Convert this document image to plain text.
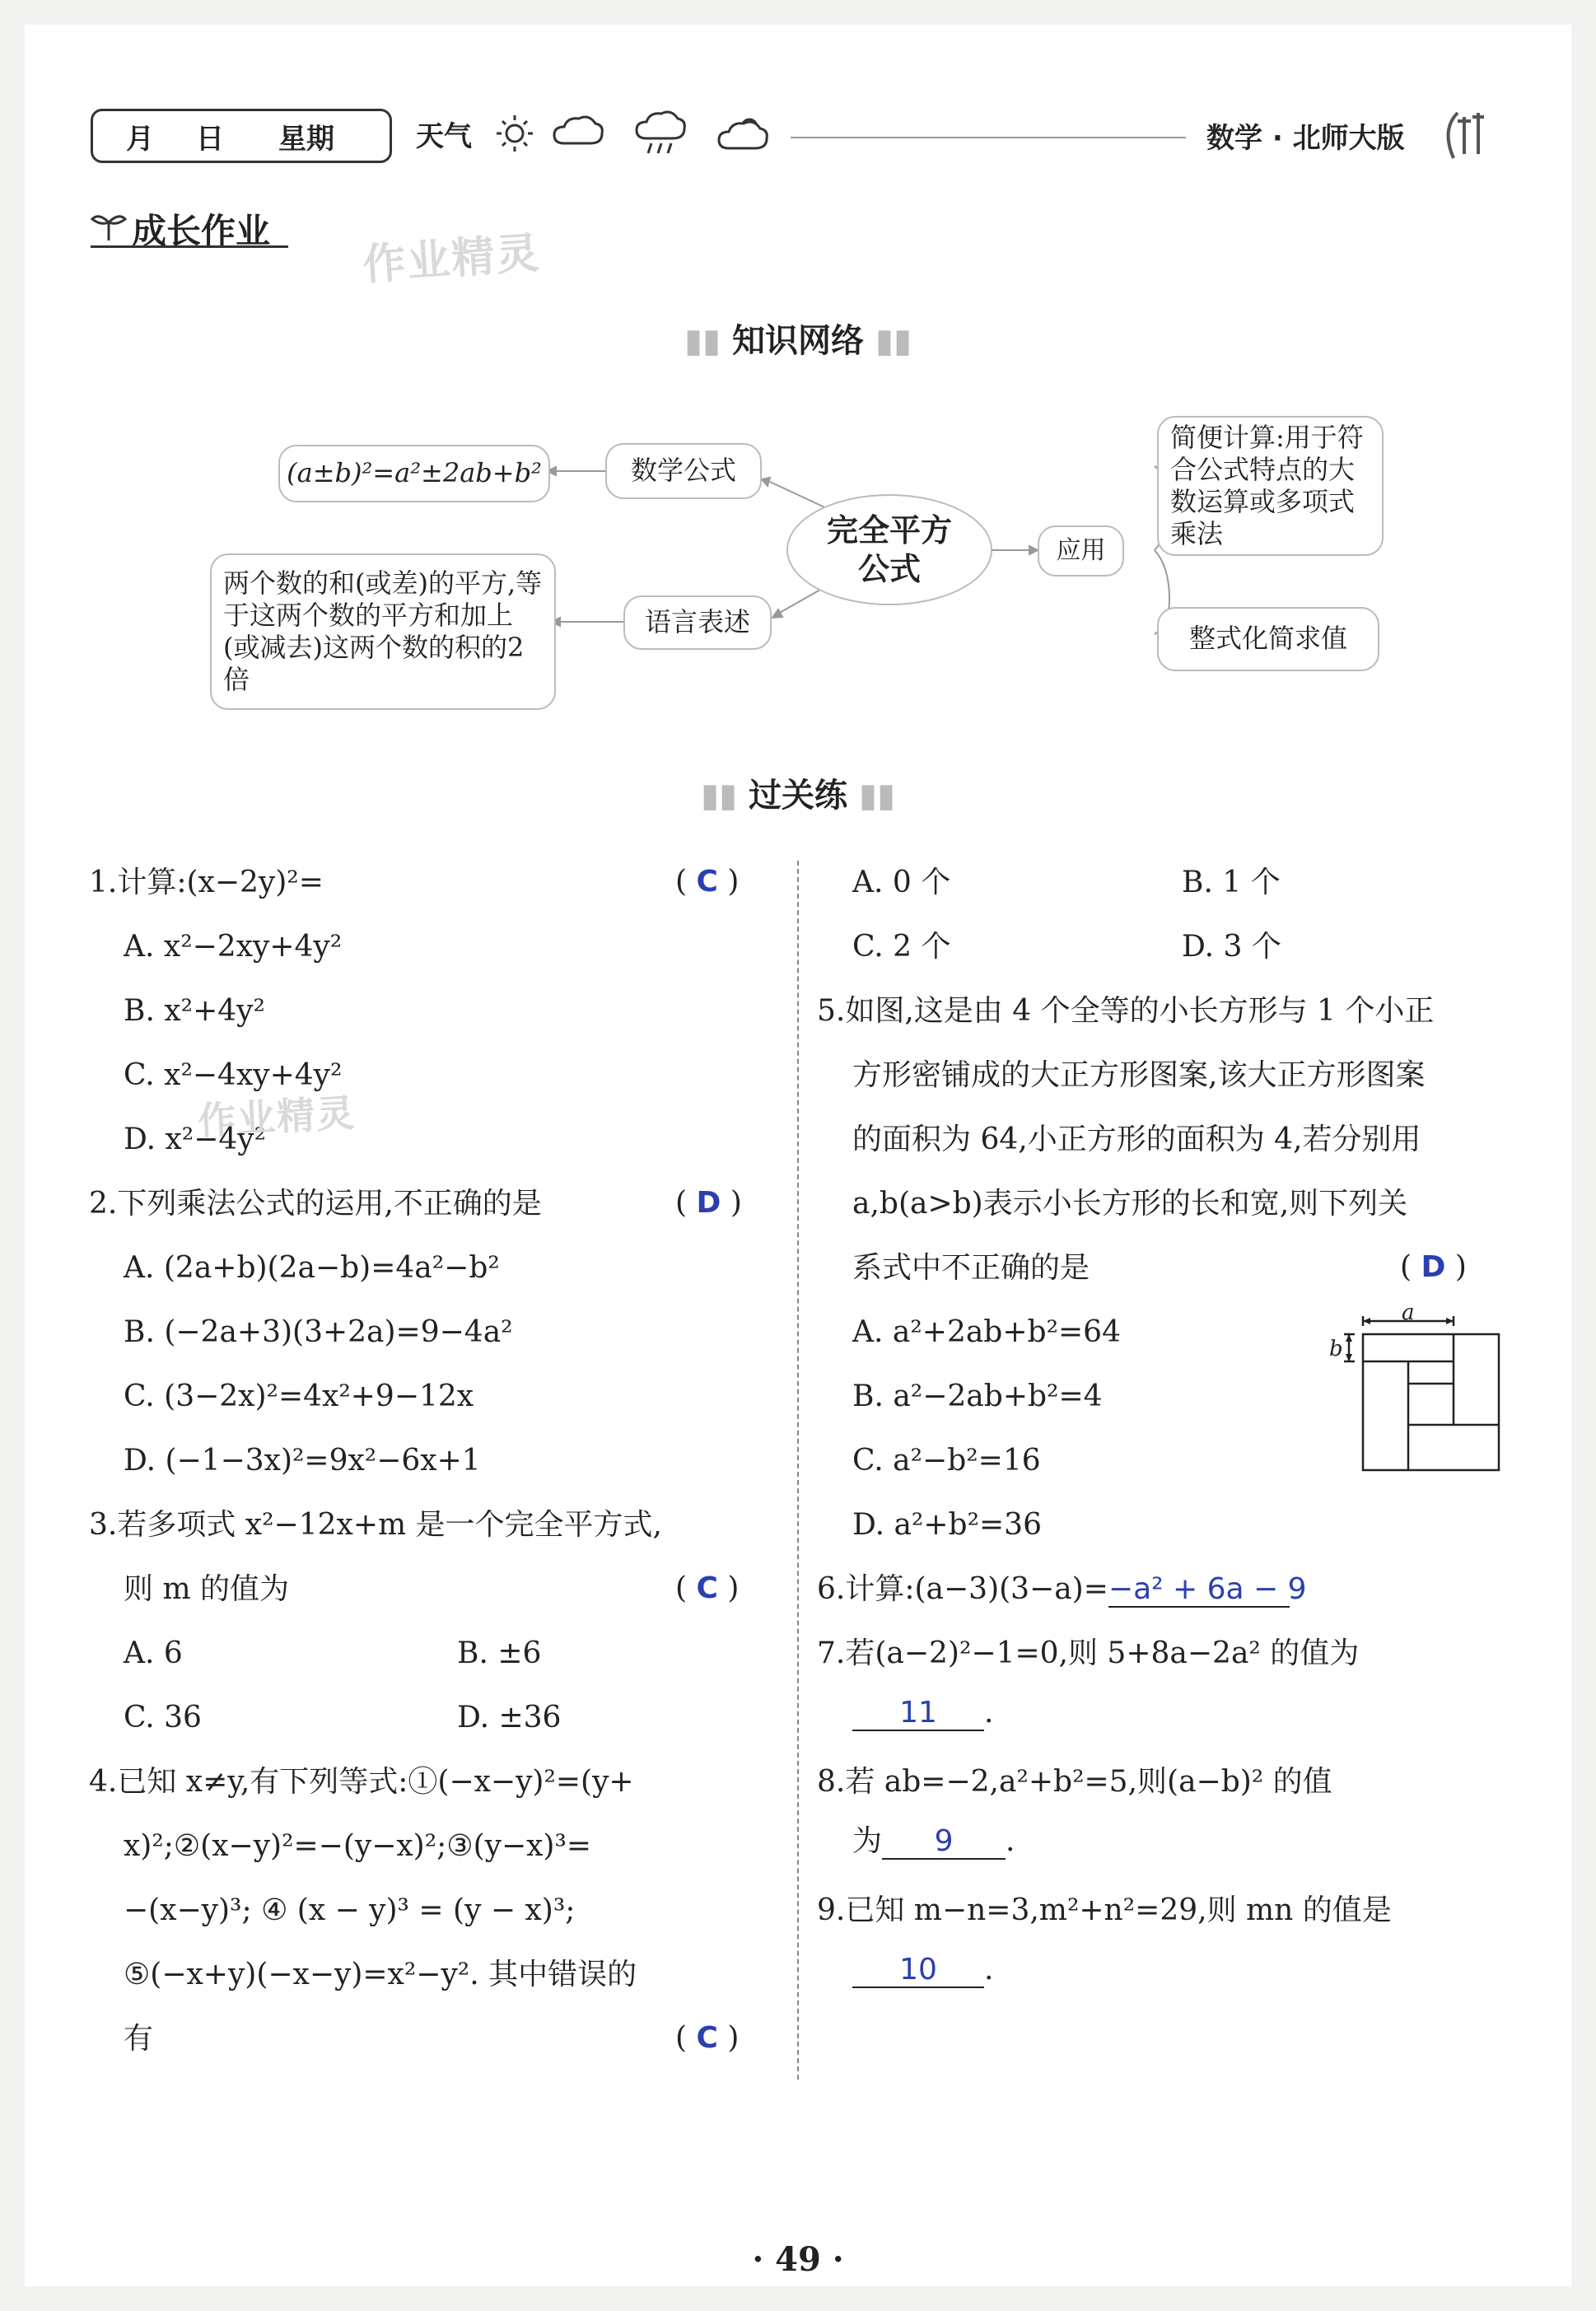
月 日 星期	天气	数学 · 北师大版
成长作业 作业精灵
▮▮ 知识网络 ▮▮
(a±b)²=a²±2ab+b²	数学公式
完全平方公式
应用
语言表述
两个数的和(或差)的平方,等于这两个数的平方和加上(或减去)这两个数的积的2倍
简便计算:用于符合公式特点的大数运算或多项式乘法
整式化简求值
▮▮ 过关练 ▮▮
1.计算:(x−2y)²=	( C )
A. x²−2xy+4y²
B. x²+4y²
C. x²−4xy+4y²
D. x²−4y²
作业精灵
2.下列乘法公式的运用,不正确的是	( D )
A. (2a+b)(2a−b)=4a²−b²
B. (−2a+3)(3+2a)=9−4a²
C. (3−2x)²=4x²+9−12x
D. (−1−3x)²=9x²−6x+1
3.若多项式 x²−12x+m 是一个完全平方式,
则 m 的值为	( C )
A. 6	B. ±6
C. 36	D. ±36
4.已知 x≠y,有下列等式:①(−x−y)²=(y+
x)²;②(x−y)²=−(y−x)²;③(y−x)³=
−(x−y)³; ④ (x − y)³ = (y − x)³;
⑤(−x+y)(−x−y)=x²−y². 其中错误的
有	( C )
A. 0 个	B. 1 个
C. 2 个	D. 3 个
5.如图,这是由 4 个全等的小长方形与 1 个小正
方形密铺成的大正方形图案,该大正方形图案
的面积为 64,小正方形的面积为 4,若分别用
a,b(a>b)表示小长方形的长和宽,则下列关
系式中不正确的是	( D )
A. a²+2ab+b²=64
B. a²−2ab+b²=4
C. a²−b²=16
D. a²+b²=36
a
b
6.计算:(a−3)(3−a)=−a² + 6a − 9
7.若(a−2)²−1=0,则 5+8a−2a² 的值为
11 .
8.若 ab=−2,a²+b²=5,则(a−b)² 的值
为 9 .
9.已知 m−n=3,m²+n²=29,则 mn 的值是
10 .
· 49 ·
